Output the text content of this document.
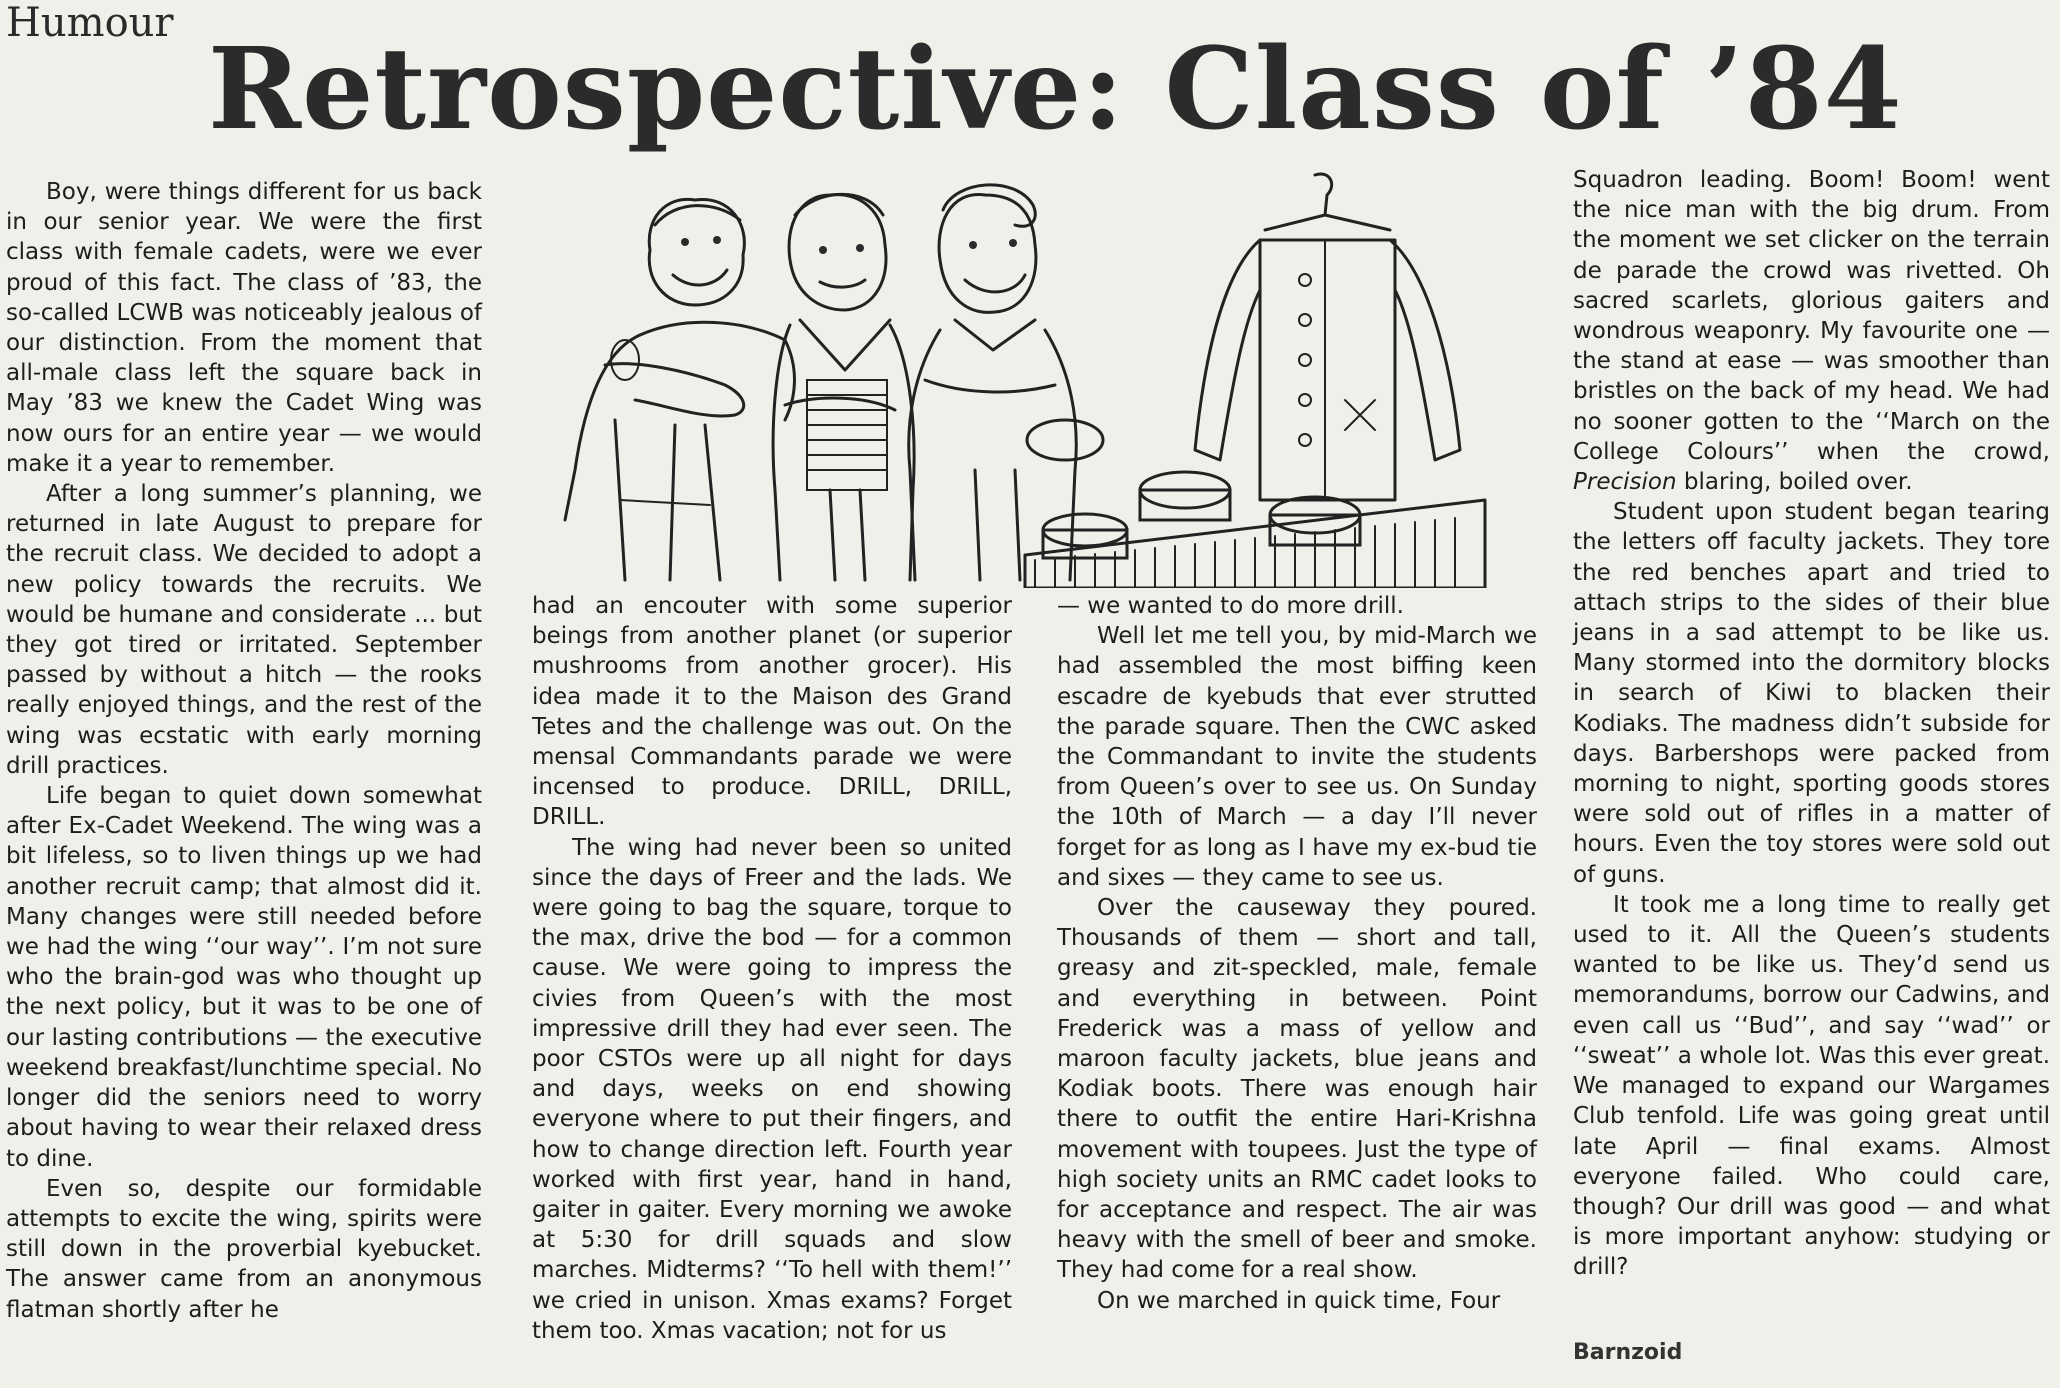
Humour
Retrospective: Class of ’84

Boy, were things different for us back in our senior year. We were the first class with female cadets, were we ever proud of this fact. The class of ’83, the so-called LCWB was noticeably jealous of our distinction. From the moment that all-male class left the square back in May ’83 we knew the Cadet Wing was now ours for an entire year — we would make it a year to remember.

After a long summer’s planning, we returned in late August to prepare for the recruit class. We decided to adopt a new policy towards the recruits. We would be humane and considerate ... but they got tired or irritated. September passed by without a hitch — the rooks really enjoyed things, and the rest of the wing was ecstatic with early morning drill practices.

Life began to quiet down somewhat after Ex-Cadet Weekend. The wing was a bit lifeless, so to liven things up we had another recruit camp; that almost did it. Many changes were still needed before we had the wing ‘‘our way’’. I’m not sure who the brain-god was who thought up the next policy, but it was to be one of our lasting contributions — the executive weekend breakfast/lunchtime special. No longer did the seniors need to worry about having to wear their relaxed dress to dine.

Even so, despite our formidable attempts to excite the wing, spirits were still down in the proverbial kyebucket. The answer came from an anonymous flatman shortly after he

had an encouter with some superior beings from another planet (or superior mushrooms from another grocer). His idea made it to the Maison des Grand Tetes and the challenge was out. On the mensal Commandants parade we were incensed to produce. DRILL, DRILL, DRILL.

The wing had never been so united since the days of Freer and the lads. We were going to bag the square, torque to the max, drive the bod — for a common cause. We were going to impress the civies from Queen’s with the most impressive drill they had ever seen. The poor CSTOs were up all night for days and days, weeks on end showing everyone where to put their fingers, and how to change direction left. Fourth year worked with first year, hand in hand, gaiter in gaiter. Every morning we awoke at 5:30 for drill squads and slow marches. Midterms? ‘‘To hell with them!’’ we cried in unison. Xmas exams? Forget them too. Xmas vacation; not for us

— we wanted to do more drill.

Well let me tell you, by mid-March we had assembled the most biffing keen escadre de kyebuds that ever strutted the parade square. Then the CWC asked the Commandant to invite the students from Queen’s over to see us. On Sunday the 10th of March — a day I’ll never forget for as long as I have my ex-bud tie and sixes — they came to see us.

Over the causeway they poured. Thousands of them — short and tall, greasy and zit-speckled, male, female and everything in between. Point Frederick was a mass of yellow and maroon faculty jackets, blue jeans and Kodiak boots. There was enough hair there to outfit the entire Hari-Krishna movement with toupees. Just the type of high society units an RMC cadet looks to for acceptance and respect. The air was heavy with the smell of beer and smoke. They had come for a real show.

On we marched in quick time, Four

Squadron leading. Boom! Boom! went the nice man with the big drum. From the moment we set clicker on the terrain de parade the crowd was rivetted. Oh sacred scarlets, glorious gaiters and wondrous weaponry. My favourite one — the stand at ease — was smoother than bristles on the back of my head. We had no sooner gotten to the ‘‘March on the College Colours’’ when the crowd, Precision blaring, boiled over.

Student upon student began tearing the letters off faculty jackets. They tore the red benches apart and tried to attach strips to the sides of their blue jeans in a sad attempt to be like us. Many stormed into the dormitory blocks in search of Kiwi to blacken their Kodiaks. The madness didn’t subside for days. Barbershops were packed from morning to night, sporting goods stores were sold out of rifles in a matter of hours. Even the toy stores were sold out of guns.

It took me a long time to really get used to it. All the Queen’s students wanted to be like us. They’d send us memorandums, borrow our Cadwins, and even call us ‘‘Bud’’, and say ‘‘wad’’ or ‘‘sweat’’ a whole lot. Was this ever great. We managed to expand our Wargames Club tenfold. Life was going great until late April — final exams. Almost everyone failed. Who could care, though? Our drill was good — and what is more important anyhow: studying or drill?

Barnzoid
